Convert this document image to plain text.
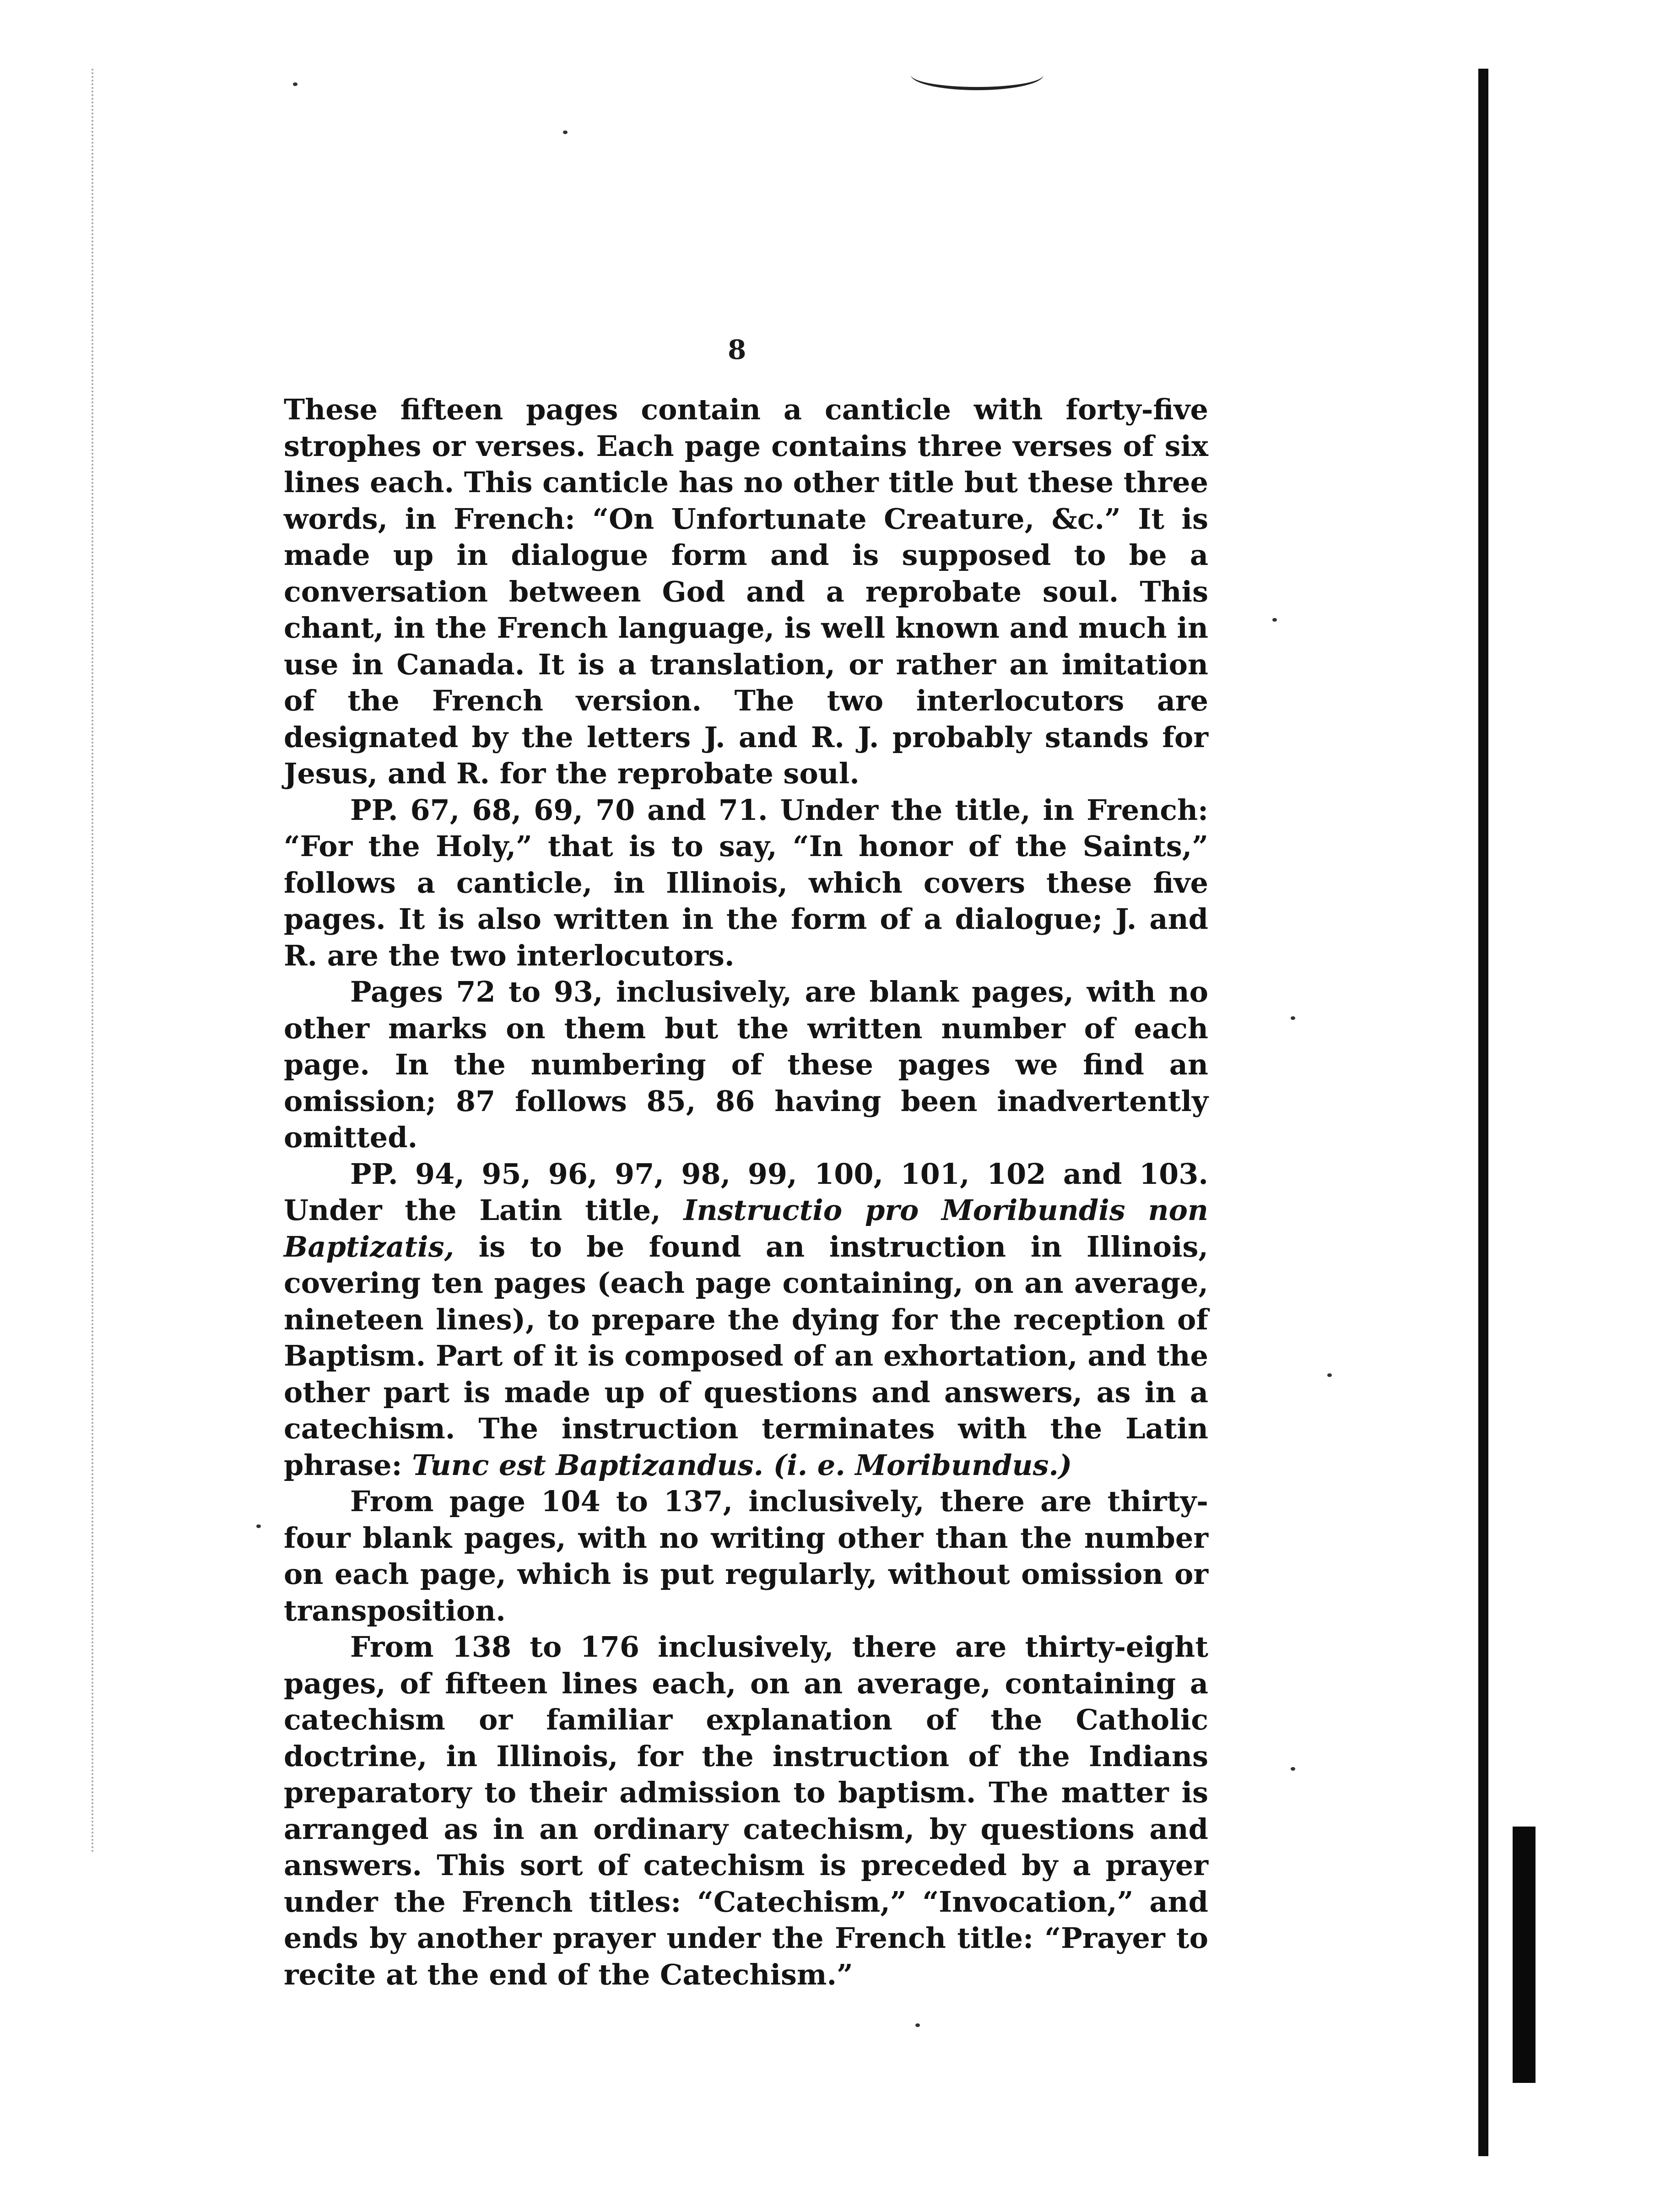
8

These fifteen pages contain a canticle with forty-five strophes or verses. Each page contains three verses of six lines each. This canticle has no other title but these three words, in French: “On Unfortunate Creature, &c.” It is made up in dialogue form and is supposed to be a conversation between God and a reprobate soul. This chant, in the French language, is well known and much in use in Canada. It is a translation, or rather an imitation of the French version. The two interlocutors are designated by the letters J. and R. J. probably stands for Jesus, and R. for the reprobate soul.

PP. 67, 68, 69, 70 and 71. Under the title, in French: “For the Holy,” that is to say, “In honor of the Saints,” follows a canticle, in Illinois, which covers these five pages. It is also written in the form of a dialogue; J. and R. are the two interlocutors.

Pages 72 to 93, inclusively, are blank pages, with no other marks on them but the written number of each page. In the numbering of these pages we find an omission; 87 follows 85, 86 having been inadvertently omitted.

PP. 94, 95, 96, 97, 98, 99, 100, 101, 102 and 103. Under the Latin title, Instructio pro Moribundis non Baptizatis, is to be found an instruction in Illinois, covering ten pages (each page containing, on an average, nineteen lines), to prepare the dying for the reception of Baptism. Part of it is composed of an exhortation, and the other part is made up of questions and answers, as in a catechism. The instruction terminates with the Latin phrase: Tunc est Baptizandus. (i. e. Moribundus.)

From page 104 to 137, inclusively, there are thirty-four blank pages, with no writing other than the number on each page, which is put regularly, without omission or transposition.

From 138 to 176 inclusively, there are thirty-eight pages, of fifteen lines each, on an average, containing a catechism or familiar explanation of the Catholic doctrine, in Illinois, for the instruction of the Indians preparatory to their admission to baptism. The matter is arranged as in an ordinary catechism, by questions and answers. This sort of catechism is preceded by a prayer under the French titles: “Catechism,” “Invocation,” and ends by another prayer under the French title: “Prayer to recite at the end of the Catechism.”
